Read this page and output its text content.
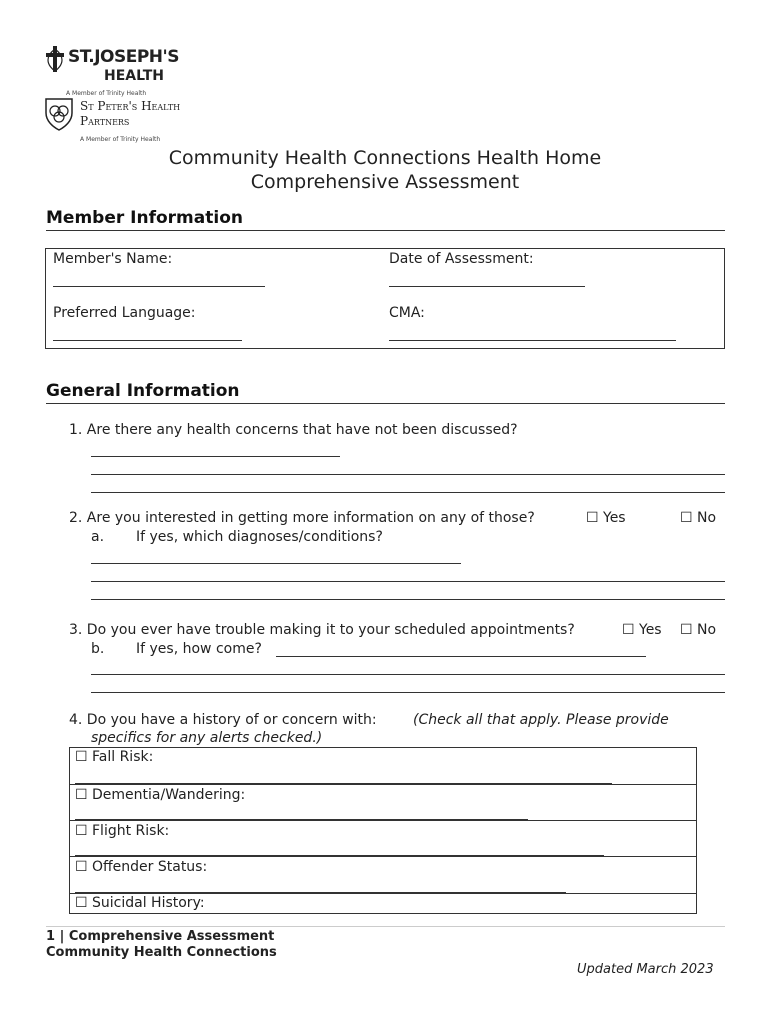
ST.JOSEPH'S
HEALTH
A Member of Trinity Health
St Peter's Health
Partners
A Member of Trinity Health
Community Health Connections Health Home
Comprehensive Assessment
Member Information
Member's Name:	Date of Assessment:
Preferred Language:	CMA:
General Information
1. Are there any health concerns that have not been discussed?
2. Are you interested in getting more information on any of those?	☐ Yes	☐ No
a. If yes, which diagnoses/conditions?
3. Do you ever have trouble making it to your scheduled appointments?	☐ Yes ☐ No
b. If yes, how come?
4. Do you have a history of or concern with:	(Check all that apply. Please provide
specifics for any alerts checked.)
☐ Fall Risk:
☐ Dementia/Wandering:
☐ Flight Risk:
☐ Offender Status:
☐ Suicidal History:
1 | Comprehensive Assessment
Community Health Connections
Updated March 2023
